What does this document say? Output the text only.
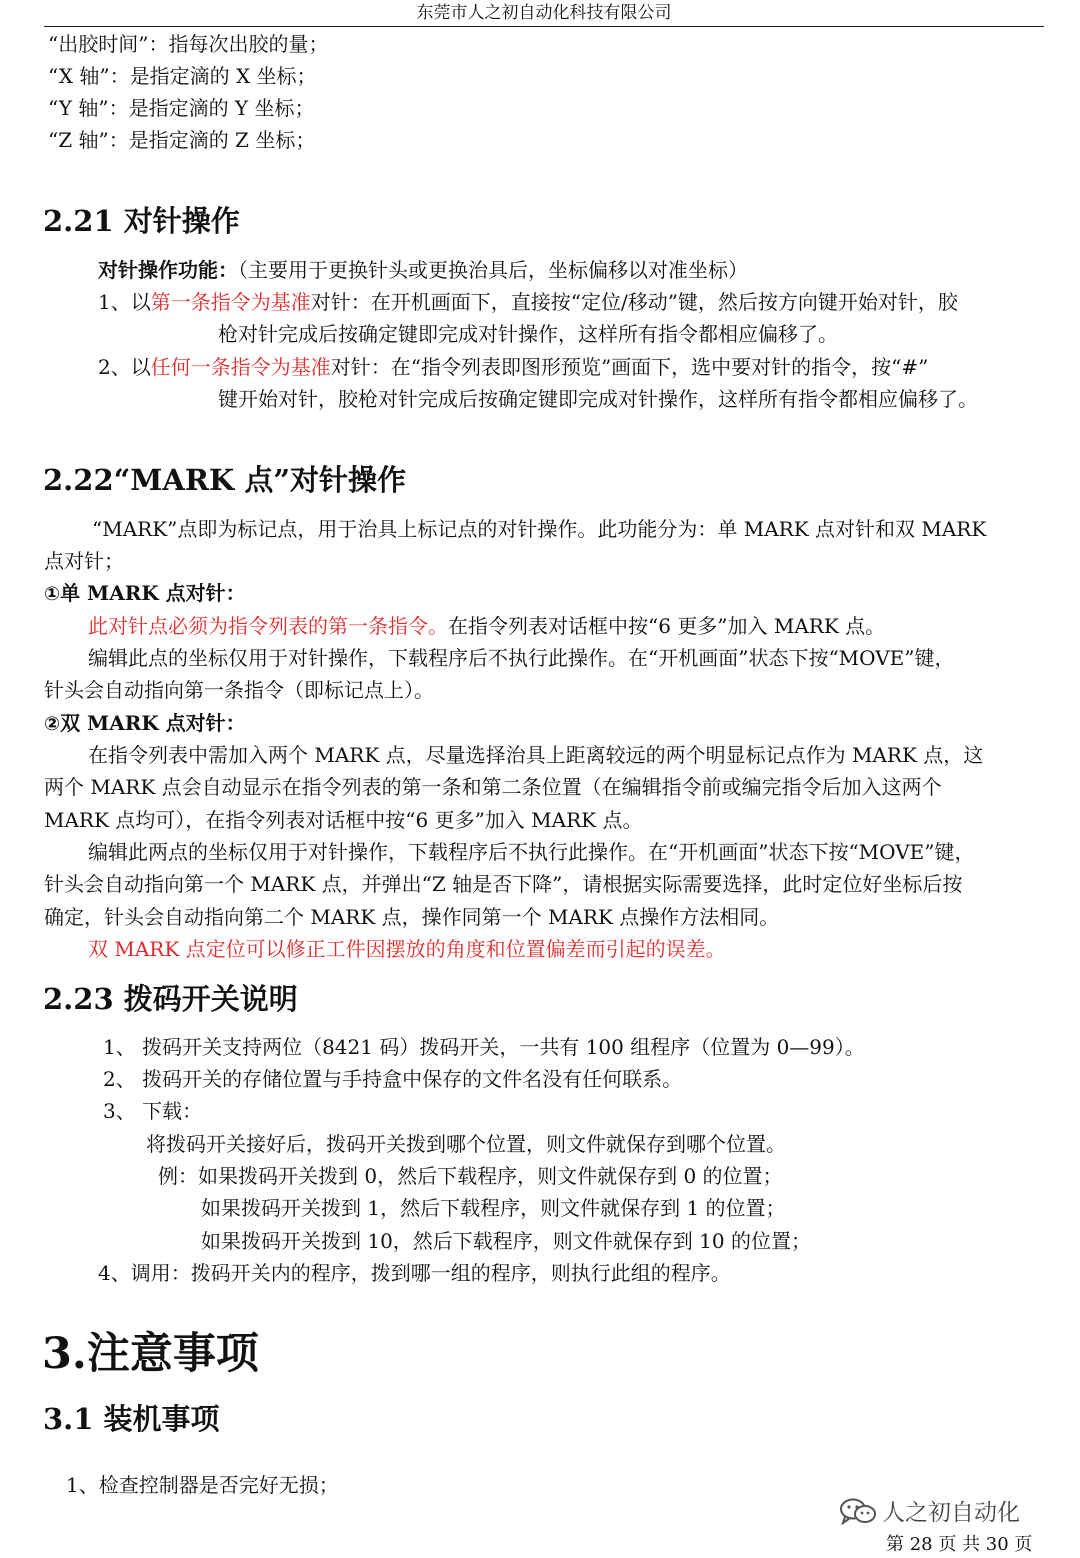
东莞市人之初自动化科技有限公司
“出胶时间”：指每次出胶的量；
“X 轴”：是指定滴的 X 坐标；
“Y 轴”：是指定滴的 Y 坐标；
“Z 轴”：是指定滴的 Z 坐标；
2.21 对针操作
对针操作功能：（主要用于更换针头或更换治具后，坐标偏移以对准坐标）
1、以第一条指令为基准对针：在开机画面下，直接按“定位/移动”键，然后按方向键开始对针，胶
枪对针完成后按确定键即完成对针操作，这样所有指令都相应偏移了。
2、以任何一条指令为基准对针：在“指令列表即图形预览”画面下，选中要对针的指令，按“#”
键开始对针，胶枪对针完成后按确定键即完成对针操作，这样所有指令都相应偏移了。
2.22“MARK 点”对针操作
“MARK”点即为标记点，用于治具上标记点的对针操作。此功能分为：单 MARK 点对针和双 MARK
点对针；
①单 MARK 点对针：
此对针点必须为指令列表的第一条指令。在指令列表对话框中按“6 更多”加入 MARK 点。
编辑此点的坐标仅用于对针操作，下载程序后不执行此操作。在“开机画面”状态下按“MOVE”键，
针头会自动指向第一条指令（即标记点上）。
②双 MARK 点对针：
在指令列表中需加入两个 MARK 点，尽量选择治具上距离较远的两个明显标记点作为 MARK 点，这
两个 MARK 点会自动显示在指令列表的第一条和第二条位置（在编辑指令前或编完指令后加入这两个
MARK 点均可），在指令列表对话框中按“6 更多”加入 MARK 点。
编辑此两点的坐标仅用于对针操作，下载程序后不执行此操作。在“开机画面”状态下按“MOVE”键，
针头会自动指向第一个 MARK 点，并弹出“Z 轴是否下降”，请根据实际需要选择，此时定位好坐标后按
确定，针头会自动指向第二个 MARK 点，操作同第一个 MARK 点操作方法相同。
双 MARK 点定位可以修正工件因摆放的角度和位置偏差而引起的误差。
2.23 拨码开关说明
1、 拨码开关支持两位（8421 码）拨码开关，一共有 100 组程序（位置为 0—99）。
2、 拨码开关的存储位置与手持盒中保存的文件名没有任何联系。
3、 下载：
将拨码开关接好后，拨码开关拨到哪个位置，则文件就保存到哪个位置。
例：如果拨码开关拨到 0，然后下载程序，则文件就保存到 0 的位置；
如果拨码开关拨到 1，然后下载程序，则文件就保存到 1 的位置；
如果拨码开关拨到 10，然后下载程序，则文件就保存到 10 的位置；
4、调用：拨码开关内的程序，拨到哪一组的程序，则执行此组的程序。
3.注意事项
3.1 装机事项
1、检查控制器是否完好无损；
人之初自动化
第 28 页 共 30 页
